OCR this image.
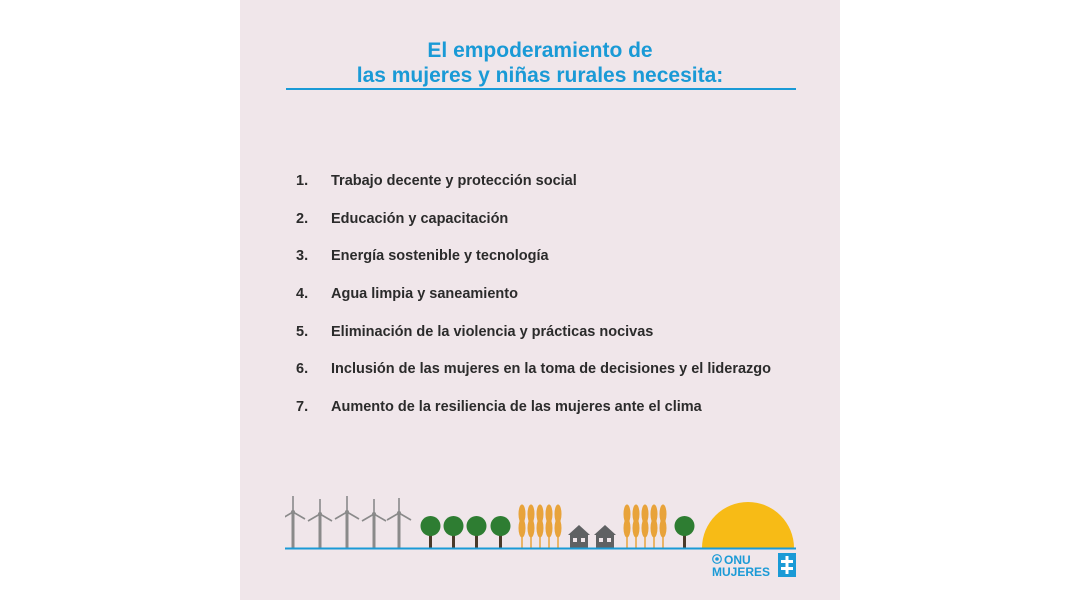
El empoderamiento de
las mujeres y niñas rurales necesita:
1.	Trabajo decente y protección social
2.	Educación y capacitación
3.	Energía sostenible y tecnología
4.	Agua limpia y saneamiento
5.	Eliminación de la violencia y prácticas nocivas
6.	Inclusión de las mujeres en la toma de decisiones y el liderazgo
7.	Aumento de la resiliencia de las mujeres ante el clima
ONU
MUJERES
